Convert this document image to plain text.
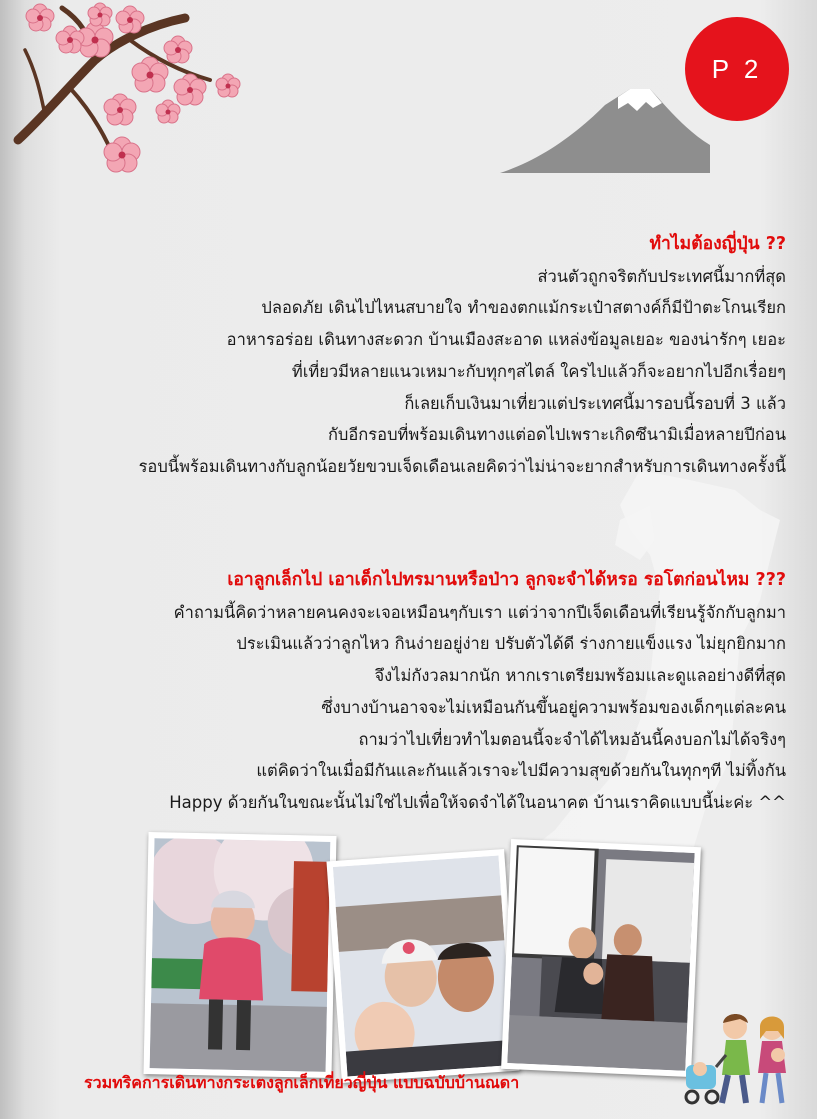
P 2
ทำไมต้องญี่ปุ่น ??

ส่วนตัวถูกจริตกับประเทศนี้มากที่สุด

ปลอดภัย เดินไปไหนสบายใจ ทำของตกแม้กระเป๋าสตางค์ก็มีป้าตะโกนเรียก

อาหารอร่อย เดินทางสะดวก บ้านเมืองสะอาด แหล่งข้อมูลเยอะ ของน่ารักๆ เยอะ

ที่เที่ยวมีหลายแนวเหมาะกับทุกๆสไตล์ ใครไปแล้วก็จะอยากไปอีกเรื่อยๆ

ก็เลยเก็บเงินมาเที่ยวแต่ประเทศนี้มารอบนี้รอบที่ 3 แล้ว

กับอีกรอบที่พร้อมเดินทางแต่อดไปเพราะเกิดซึนามิเมื่อหลายปีก่อน

รอบนี้พร้อมเดินทางกับลูกน้อยวัยขวบเจ็ดเดือนเลยคิดว่าไม่น่าจะยากสำหรับการเดินทางครั้งนี้

เอาลูกเล็กไป เอาเด็กไปทรมานหรือป่าว ลูกจะจำได้หรอ รอโตก่อนไหม ???

คำถามนี้คิดว่าหลายคนคงจะเจอเหมือนๆกับเรา แต่ว่าจากปีเจ็ดเดือนที่เรียนรู้จักกับลูกมา

ประเมินแล้วว่าลูกไหว กินง่ายอยู่ง่าย ปรับตัวได้ดี ร่างกายแข็งแรง ไม่ยุกยิกมาก

จึงไม่กังวลมากนัก หากเราเตรียมพร้อมและดูแลอย่างดีที่สุด

ซึ่งบางบ้านอาจจะไม่เหมือนกันขึ้นอยู่ความพร้อมของเด็กๆแต่ละคน

ถามว่าไปเที่ยวทำไมตอนนี้จะจำได้ไหมอันนี้คงบอกไม่ได้จริงๆ

แต่คิดว่าในเมื่อมีกันและกันแล้วเราจะไปมีความสุขด้วยกันในทุกๆที ไม่ทิ้งกัน

Happy ด้วยกันในขณะนั้นไม่ใช่ไปเพื่อให้จดจำได้ในอนาคต บ้านเราคิดแบบนี้น่ะค่ะ ^^

รวมทริคการเดินทางกระเตงลูกเล็กเที่ยวญี่ปุ่น แบบฉบับบ้านณดา
